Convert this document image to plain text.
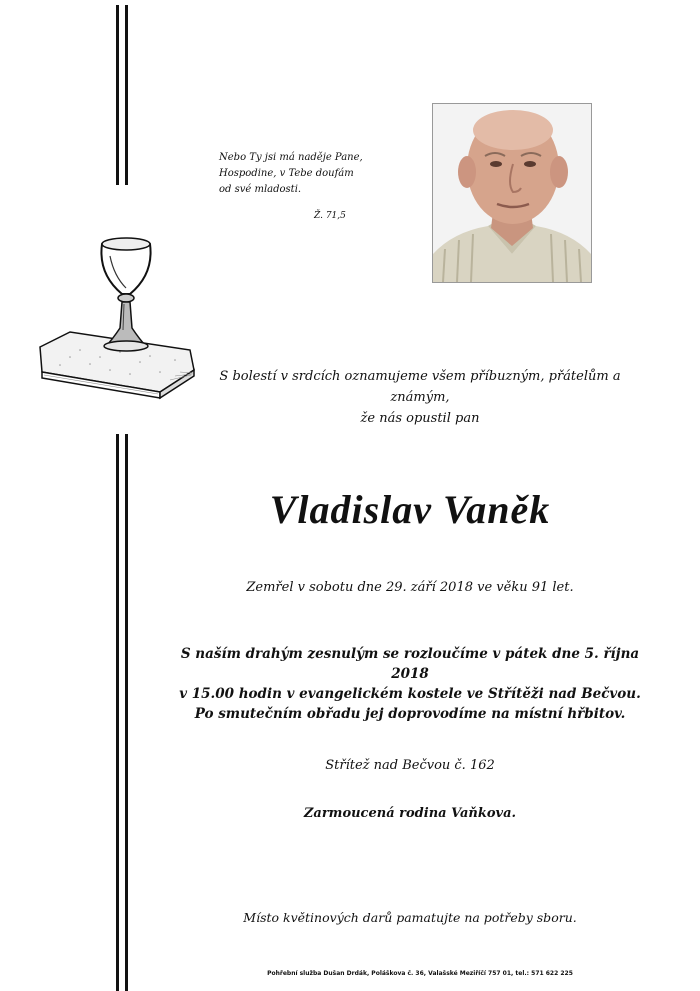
Nebo Ty jsi má naděje Pane,
Hospodine, v Tebe doufám
od své mladosti.
Ž. 71,5
S bolestí v srdcích oznamujeme všem příbuzným, přátelům a známým,
že nás opustil pan
Vladislav Vaněk
Zemřel v sobotu dne 29. září 2018 ve věku 91 let.
S naším drahým zesnulým se rozloučíme v pátek dne 5. října 2018
v 15.00 hodin v evangelickém kostele ve Střítěži nad Bečvou.
Po smutečním obřadu jej doprovodíme na místní hřbitov.
Střítež nad Bečvou č. 162
Zarmoucená rodina Vaňkova.
Místo květinových darů pamatujte na potřeby sboru.
Pohřební služba Dušan Drdák, Poláškova č. 36, Valašské Meziříčí 757 01, tel.: 571 622 225
